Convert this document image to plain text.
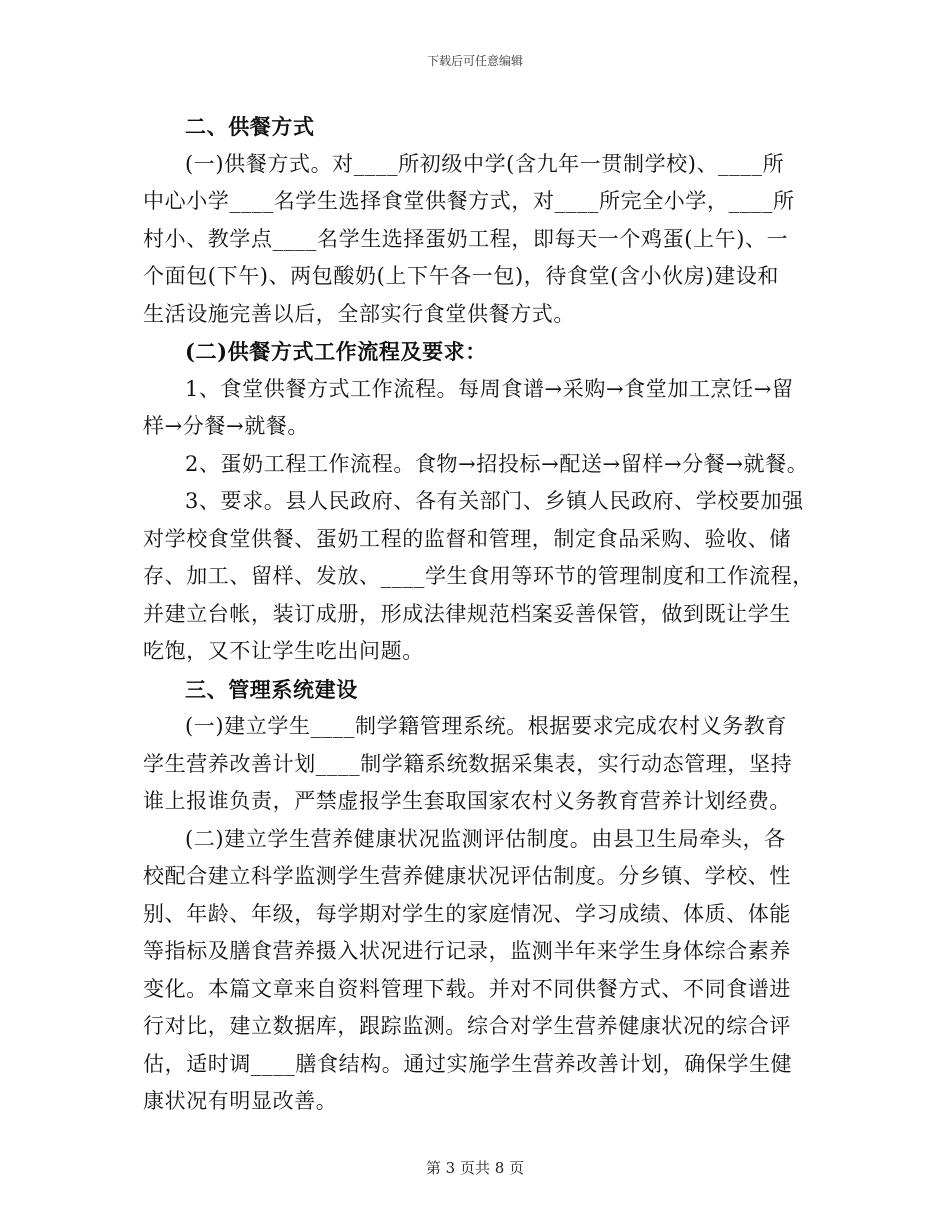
下载后可任意编辑
二、供餐方式
(一)供餐方式。对____所初级中学(含九年一贯制学校)、____所
中心小学____名学生选择食堂供餐方式，对____所完全小学，____所
村小、教学点____名学生选择蛋奶工程，即每天一个鸡蛋(上午)、一
个面包(下午)、两包酸奶(上下午各一包)，待食堂(含小伙房)建设和
生活设施完善以后，全部实行食堂供餐方式。
(二)供餐方式工作流程及要求：
1、食堂供餐方式工作流程。每周食谱→采购→食堂加工烹饪→留
样→分餐→就餐。
2、蛋奶工程工作流程。食物→招投标→配送→留样→分餐→就餐。
3、要求。县人民政府、各有关部门、乡镇人民政府、学校要加强
对学校食堂供餐、蛋奶工程的监督和管理，制定食品采购、验收、储
存、加工、留样、发放、____学生食用等环节的管理制度和工作流程，
并建立台帐，装订成册，形成法律规范档案妥善保管，做到既让学生
吃饱，又不让学生吃出问题。
三、管理系统建设
(一)建立学生____制学籍管理系统。根据要求完成农村义务教育
学生营养改善计划____制学籍系统数据采集表，实行动态管理，坚持
谁上报谁负责，严禁虚报学生套取国家农村义务教育营养计划经费。
(二)建立学生营养健康状况监测评估制度。由县卫生局牵头，各
校配合建立科学监测学生营养健康状况评估制度。分乡镇、学校、性
别、年龄、年级，每学期对学生的家庭情况、学习成绩、体质、体能
等指标及膳食营养摄入状况进行记录，监测半年来学生身体综合素养
变化。本篇文章来自资料管理下载。并对不同供餐方式、不同食谱进
行对比，建立数据库，跟踪监测。综合对学生营养健康状况的综合评
估，适时调____膳食结构。通过实施学生营养改善计划，确保学生健
康状况有明显改善。
第 3 页共 8 页
